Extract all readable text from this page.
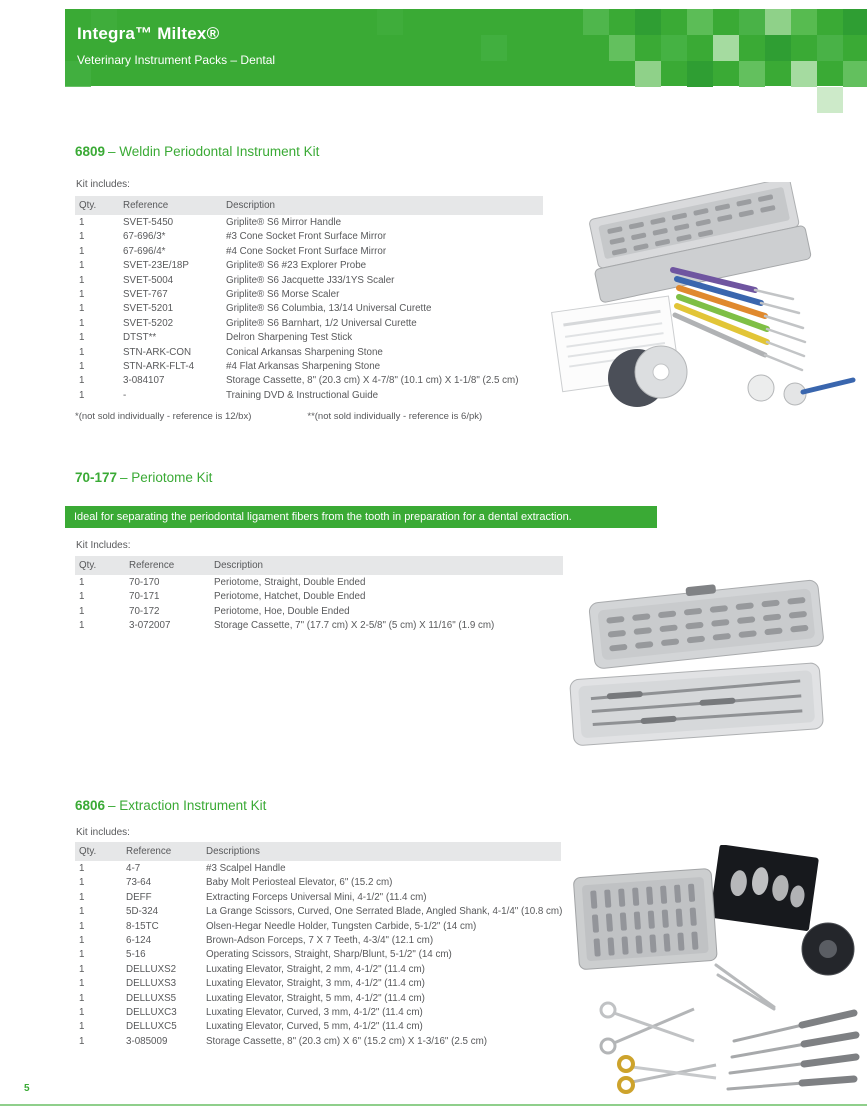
Integra™ Miltex®
Veterinary Instrument Packs – Dental
6809 – Weldin Periodontal Instrument Kit
Kit includes:
Qty.	Reference	Description
1	SVET-5450	Griplite® S6 Mirror Handle
1	67-696/3*	#3 Cone Socket Front Surface Mirror
1	67-696/4*	#4 Cone Socket Front Surface Mirror
1	SVET-23E/18P	Griplite® S6 #23 Explorer Probe
1	SVET-5004	Griplite® S6 Jacquette J33/1YS Scaler
1	SVET-767	Griplite® S6 Morse Scaler
1	SVET-5201	Griplite® S6 Columbia, 13/14 Universal Curette
1	SVET-5202	Griplite® S6 Barnhart, 1/2 Universal Curette
1	DTST**	Delron Sharpening Test Stick
1	STN-ARK-CON	Conical Arkansas Sharpening Stone
1	STN-ARK-FLT-4	#4 Flat Arkansas Sharpening Stone
1	3-084107	Storage Cassette, 8" (20.3 cm) X 4-7/8" (10.1 cm) X 1-1/8" (2.5 cm)
1	-	Training DVD & Instructional Guide
*(not sold individually - reference is 12/bx)	**(not sold individually - reference is 6/pk)
70-177 – Periotome Kit
Ideal for separating the periodontal ligament fibers from the tooth in preparation for a dental extraction.
Kit Includes:
Qty.	Reference	Description
1	70-170	Periotome, Straight, Double Ended
1	70-171	Periotome, Hatchet, Double Ended
1	70-172	Periotome, Hoe, Double Ended
1	3-072007	Storage Cassette, 7" (17.7 cm) X 2-5/8" (5 cm) X 11/16" (1.9 cm)
6806 – Extraction Instrument Kit
Kit includes:
Qty.	Reference	Descriptions
1	4-7	#3 Scalpel Handle
1	73-64	Baby Molt Periosteal Elevator, 6" (15.2 cm)
1	DEFF	Extracting Forceps Universal Mini, 4-1/2" (11.4 cm)
1	5D-324	La Grange Scissors, Curved, One Serrated Blade, Angled Shank, 4-1/4" (10.8 cm)
1	8-15TC	Olsen-Hegar Needle Holder, Tungsten Carbide, 5-1/2" (14 cm)
1	6-124	Brown-Adson Forceps, 7 X 7 Teeth, 4-3/4" (12.1 cm)
1	5-16	Operating Scissors, Straight, Sharp/Blunt, 5-1/2" (14 cm)
1	DELLUXS2	Luxating Elevator, Straight, 2 mm, 4-1/2" (11.4 cm)
1	DELLUXS3	Luxating Elevator, Straight, 3 mm, 4-1/2" (11.4 cm)
1	DELLUXS5	Luxating Elevator, Straight, 5 mm, 4-1/2" (11.4 cm)
1	DELLUXC3	Luxating Elevator, Curved, 3 mm, 4-1/2" (11.4 cm)
1	DELLUXC5	Luxating Elevator, Curved, 5 mm, 4-1/2" (11.4 cm)
1	3-085009	Storage Cassette, 8" (20.3 cm) X 6" (15.2 cm) X 1-3/16" (2.5 cm)
5
